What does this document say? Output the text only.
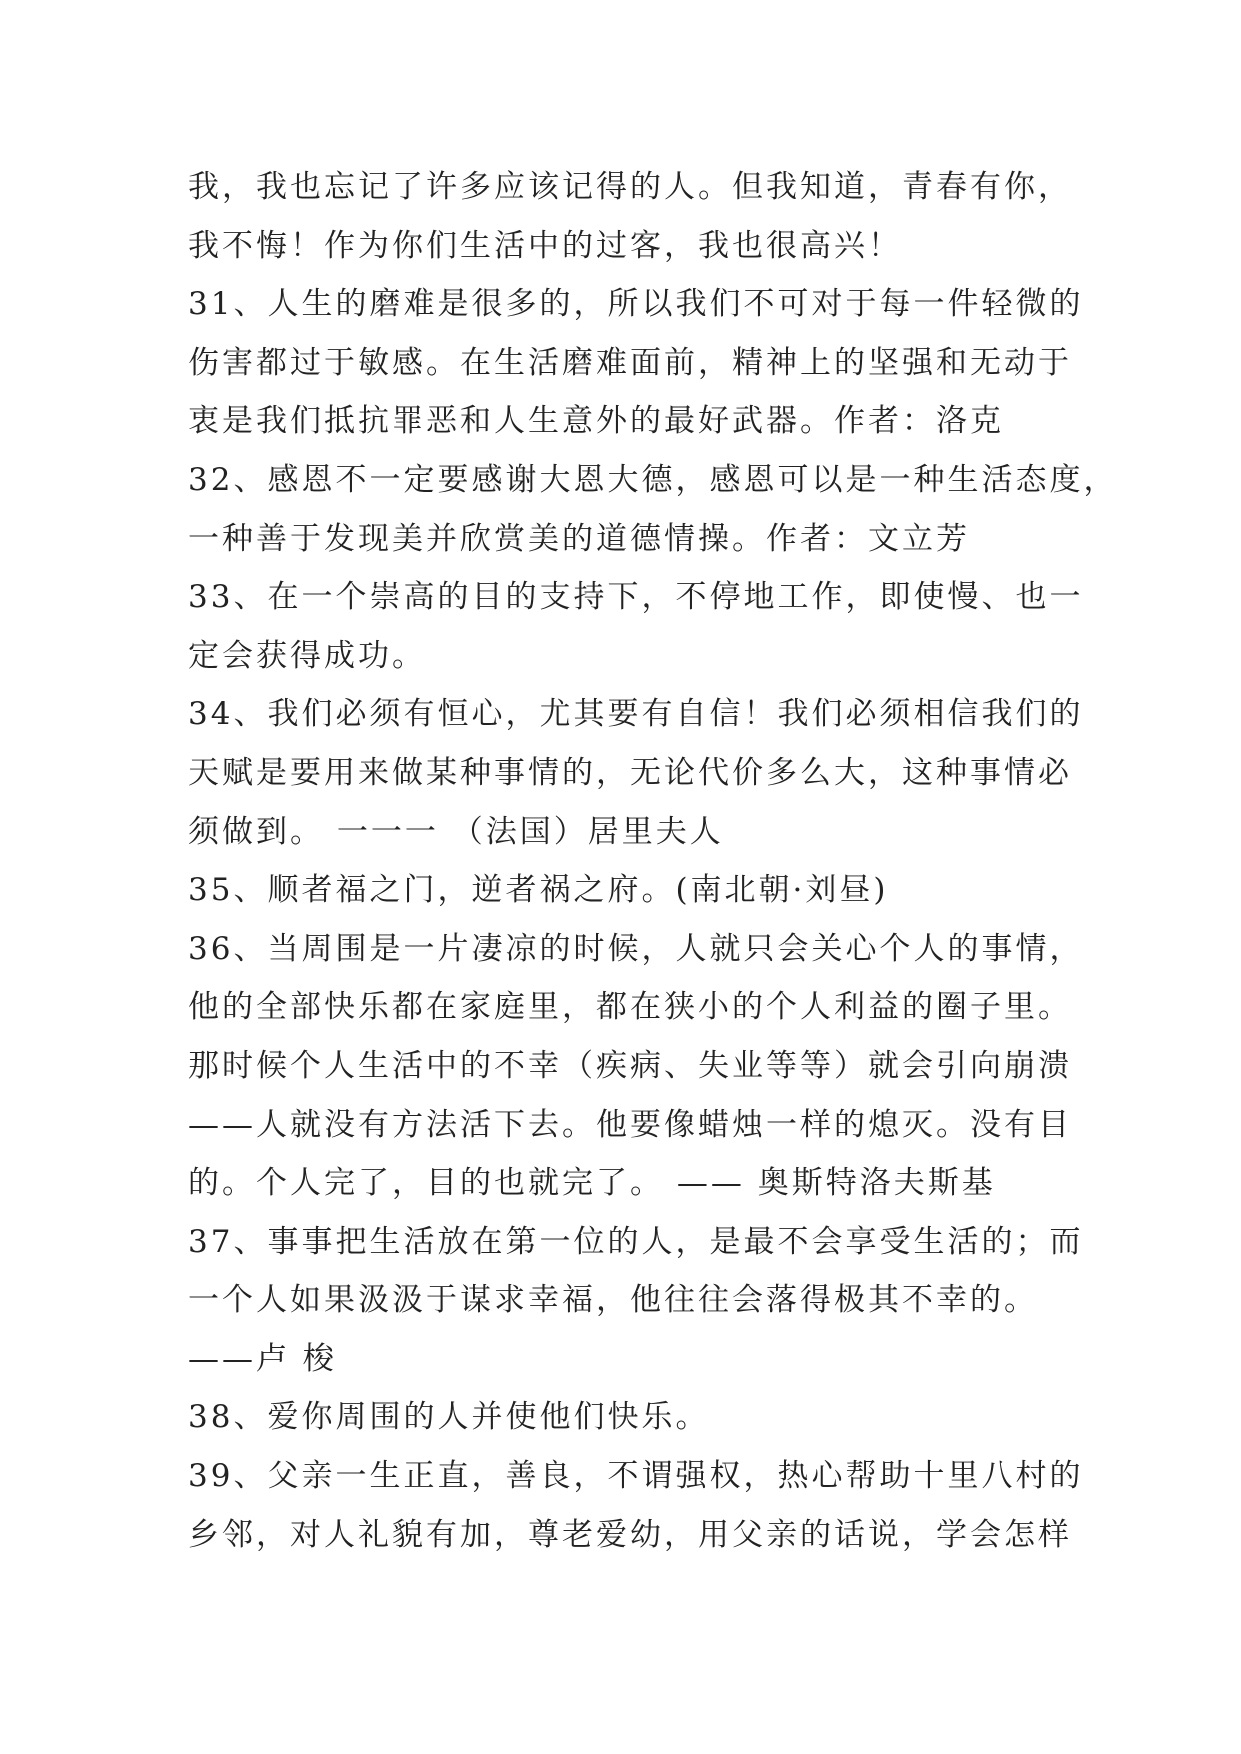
我，我也忘记了许多应该记得的人。但我知道，青春有你，
我不悔！作为你们生活中的过客，我也很高兴！
31、人生的磨难是很多的，所以我们不可对于每一件轻微的
伤害都过于敏感。在生活磨难面前，精神上的坚强和无动于
衷是我们抵抗罪恶和人生意外的最好武器。作者：洛克
32、感恩不一定要感谢大恩大德，感恩可以是一种生活态度，
一种善于发现美并欣赏美的道德情操。作者：文立芳
33、在一个崇高的目的支持下，不停地工作，即使慢、也一
定会获得成功。
34、我们必须有恒心，尤其要有自信！我们必须相信我们的
天赋是要用来做某种事情的，无论代价多么大，这种事情必
须做到。 一一一 （法国）居里夫人
35、顺者福之门，逆者祸之府。(南北朝·刘昼)
36、当周围是一片凄凉的时候，人就只会关心个人的事情，
他的全部快乐都在家庭里，都在狭小的个人利益的圈子里。
那时候个人生活中的不幸（疾病、失业等等）就会引向崩溃
——人就没有方法活下去。他要像蜡烛一样的熄灭。没有目
的。个人完了，目的也就完了。 —— 奥斯特洛夫斯基
37、事事把生活放在第一位的人，是最不会享受生活的；而
一个人如果汲汲于谋求幸福，他往往会落得极其不幸的。
——卢 梭
38、爱你周围的人并使他们快乐。
39、父亲一生正直，善良，不谓强权，热心帮助十里八村的
乡邻，对人礼貌有加，尊老爱幼，用父亲的话说，学会怎样
